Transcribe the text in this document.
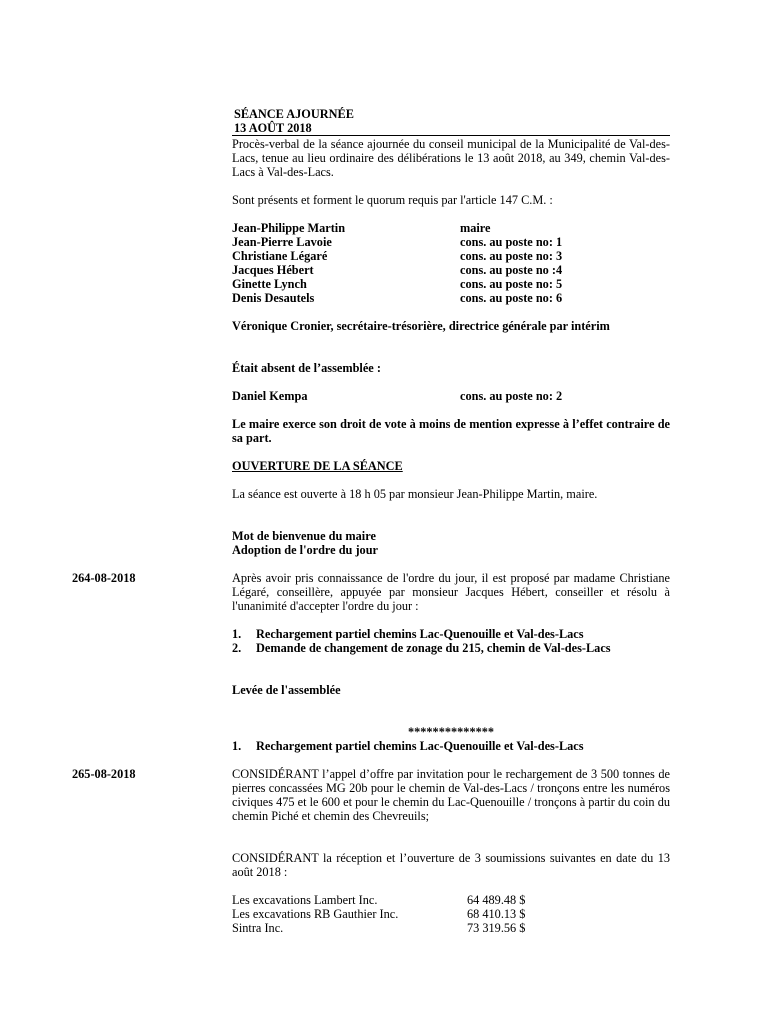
SÉANCE AJOURNÉE
13 AOÛT 2018
Procès-verbal de la séance ajournée du conseil municipal de la Municipalité de Val-des-Lacs, tenue au lieu ordinaire des délibérations le 13 août 2018, au 349, chemin Val-des-Lacs à Val-des-Lacs.
Sont présents et forment le quorum requis par l'article 147 C.M. :
Jean-Philippe Martin	maire
Jean-Pierre Lavoie	cons. au poste no: 1
Christiane Légaré	cons. au poste no: 3
Jacques Hébert	cons. au poste no :4
Ginette Lynch	cons. au poste no: 5
Denis Desautels	cons. au poste no: 6
Véronique Cronier, secrétaire-trésorière, directrice générale par intérim
Était absent de l’assemblée :
Daniel Kempa	cons. au poste no: 2
Le maire exerce son droit de vote à moins de mention expresse à l’effet contraire de sa part.
OUVERTURE DE LA SÉANCE
La séance est ouverte à 18 h 05 par monsieur Jean-Philippe Martin, maire.
Mot de bienvenue du maire
Adoption de l'ordre du jour
264-08-2018	Après avoir pris connaissance de l'ordre du jour, il est proposé par madame Christiane Légaré, conseillère, appuyée par monsieur Jacques Hébert, conseiller et résolu à l'unanimité d'accepter l'ordre du jour :
1. Rechargement partiel chemins Lac-Quenouille et Val-des-Lacs
2. Demande de changement de zonage du 215, chemin de Val-des-Lacs
Levée de l'assemblée
**************
1. Rechargement partiel chemins Lac-Quenouille et Val-des-Lacs
265-08-2018	CONSIDÉRANT l’appel d’offre par invitation pour le rechargement de 3 500 tonnes de pierres concassées MG 20b pour le chemin de Val-des-Lacs / tronçons entre les numéros civiques 475 et le 600 et pour le chemin du Lac-Quenouille / tronçons à partir du coin du chemin Piché et chemin des Chevreuils;
CONSIDÉRANT la réception et l’ouverture de 3 soumissions suivantes en date du 13 août 2018 :
Les excavations Lambert Inc.	64 489.48 $
Les excavations RB Gauthier Inc.	68 410.13 $
Sintra Inc.	73 319.56 $
